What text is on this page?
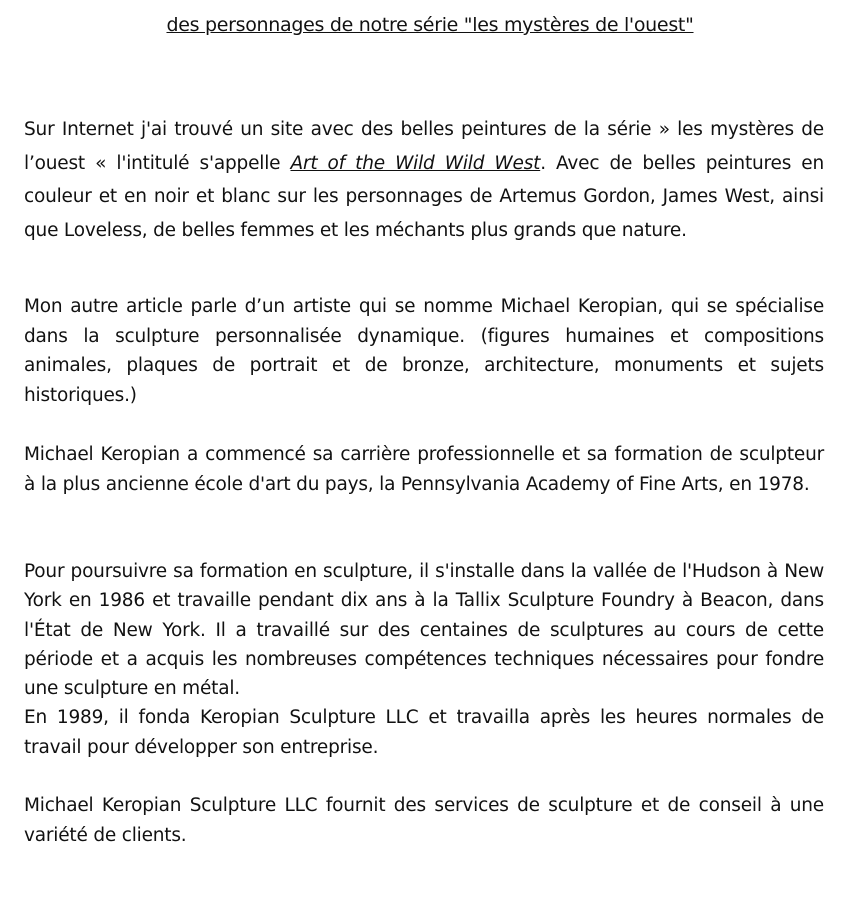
des personnages de notre série "les mystères de l'ouest"
Sur Internet j'ai trouvé un site avec des belles peintures de la série » les mystères de l’ouest « l'intitulé s'appelle Art of the Wild Wild West. Avec de belles peintures en couleur et en noir et blanc sur les personnages de Artemus Gordon, James West, ainsi que Loveless, de belles femmes et les méchants plus grands que nature.
Mon autre article parle d’un artiste qui se nomme Michael Keropian, qui se spécialise dans la sculpture personnalisée dynamique. (figures humaines et compositions animales, plaques de portrait et de bronze, architecture, monuments et sujets historiques.)
Michael Keropian a commencé sa carrière professionnelle et sa formation de sculpteur à la plus ancienne école d'art du pays, la Pennsylvania Academy of Fine Arts, en 1978.
Pour poursuivre sa formation en sculpture, il s'installe dans la vallée de l'Hudson à New York en 1986 et travaille pendant dix ans à la Tallix Sculpture Foundry à Beacon, dans l'État de New York. Il a travaillé sur des centaines de sculptures au cours de cette période et a acquis les nombreuses compétences techniques nécessaires pour fondre une sculpture en métal.
En 1989, il fonda Keropian Sculpture LLC et travailla après les heures normales de travail pour développer son entreprise.
Michael Keropian Sculpture LLC fournit des services de sculpture et de conseil à une variété de clients.
